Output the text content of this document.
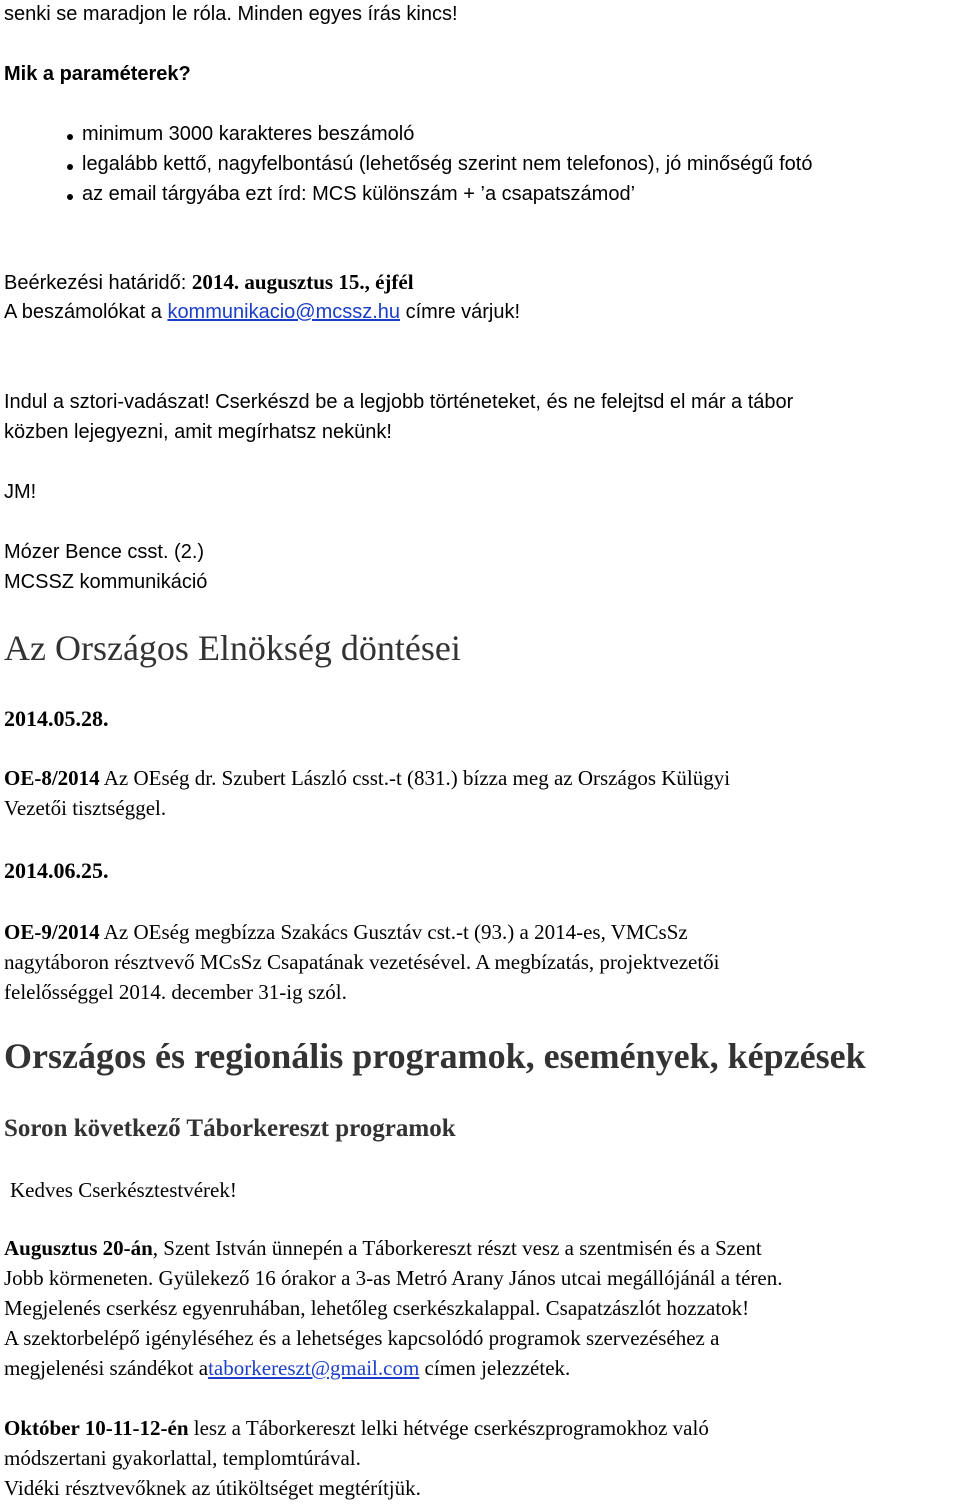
senki se maradjon le róla. Minden egyes írás kincs!
Mik a paraméterek?
minimum 3000 karakteres beszámoló
legalább kettő, nagyfelbontású (lehetőség szerint nem telefonos), jó minőségű fotó
az email tárgyába ezt írd: MCS különszám + ’a csapatszámod’
Beérkezési határidő: 2014. augusztus 15., éjfél
A beszámolókat a kommunikacio@mcssz.hu címre várjuk!
Indul a sztori-vadászat! Cserkészd be a legjobb történeteket, és ne felejtsd el már a tábor
közben lejegyezni, amit megírhatsz nekünk!
JM!
Mózer Bence csst. (2.)
MCSSZ kommunikáció
Az Országos Elnökség döntései
2014.05.28.
OE-8/2014 Az OEség dr. Szubert László csst.-t (831.) bízza meg az Országos Külügyi
Vezetői tisztséggel.
2014.06.25.
OE-9/2014 Az OEség megbízza Szakács Gusztáv cst.-t (93.) a 2014-es, VMCsSz
nagytáboron résztvevő MCsSz Csapatának vezetésével. A megbízatás, projektvezetői
felelősséggel 2014. december 31-ig szól.
Országos és regionális programok, események, képzések
Soron következő Táborkereszt programok
Kedves Cserkésztestvérek!
Augusztus 20-án, Szent István ünnepén a Táborkereszt részt vesz a szentmisén és a Szent
Jobb körmeneten. Gyülekező 16 órakor a 3-as Metró Arany János utcai megállójánál a téren.
Megjelenés cserkész egyenruhában, lehetőleg cserkészkalappal. Csapatzászlót hozzatok!
A szektorbelépő igényléséhez és a lehetséges kapcsolódó programok szervezéséhez a
megjelenési szándékot ataborkereszt@gmail.com címen jelezzétek.
Október 10-11-12-én lesz a Táborkereszt lelki hétvége cserkészprogramokhoz való
módszertani gyakorlattal, templomtúrával.
Vidéki résztvevőknek az útiköltséget megtérítjük.
